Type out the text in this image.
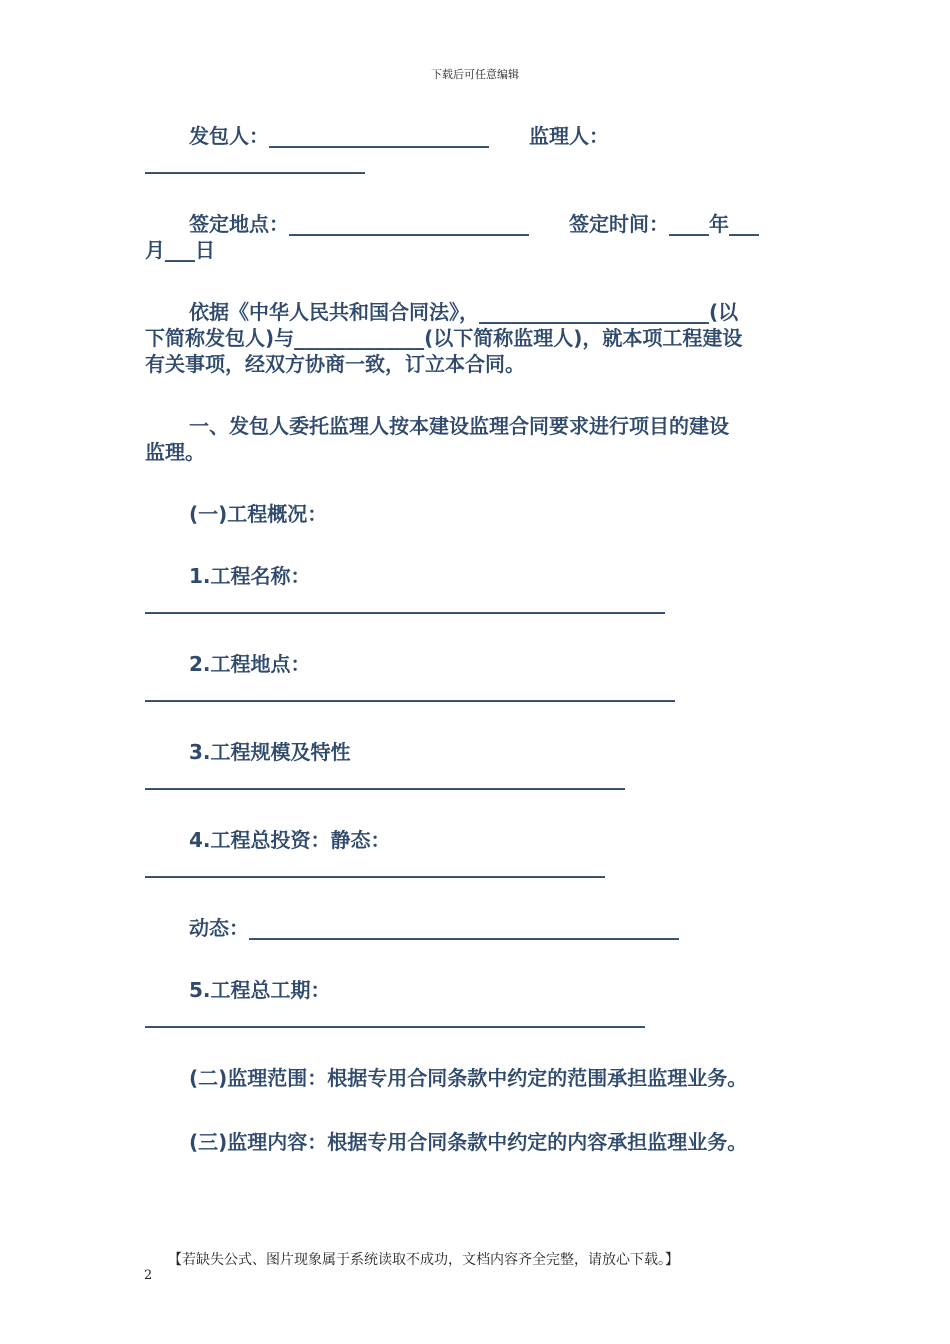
下载后可任意编辑
发包人：______________________　　监理人：
______________________
签定地点：________________________　　签定时间：____年___
月___日
依据《中华人民共和国合同法》，_______________________(以
下简称发包人)与_____________(以下简称监理人)，就本项工程建设
有关事项，经双方协商一致，订立本合同。
一、发包人委托监理人按本建设监理合同要求进行项目的建设
监理。
(一)工程概况：
1.工程名称：
____________________________________________________
2.工程地点：
_____________________________________________________
3.工程规模及特性
________________________________________________
4.工程总投资：静态：
______________________________________________
动态：___________________________________________
5.工程总工期：
__________________________________________________
(二)监理范围：根据专用合同条款中约定的范围承担监理业务。
(三)监理内容：根据专用合同条款中约定的内容承担监理业务。
【若缺失公式、图片现象属于系统读取不成功，文档内容齐全完整，请放心下载。】
2
